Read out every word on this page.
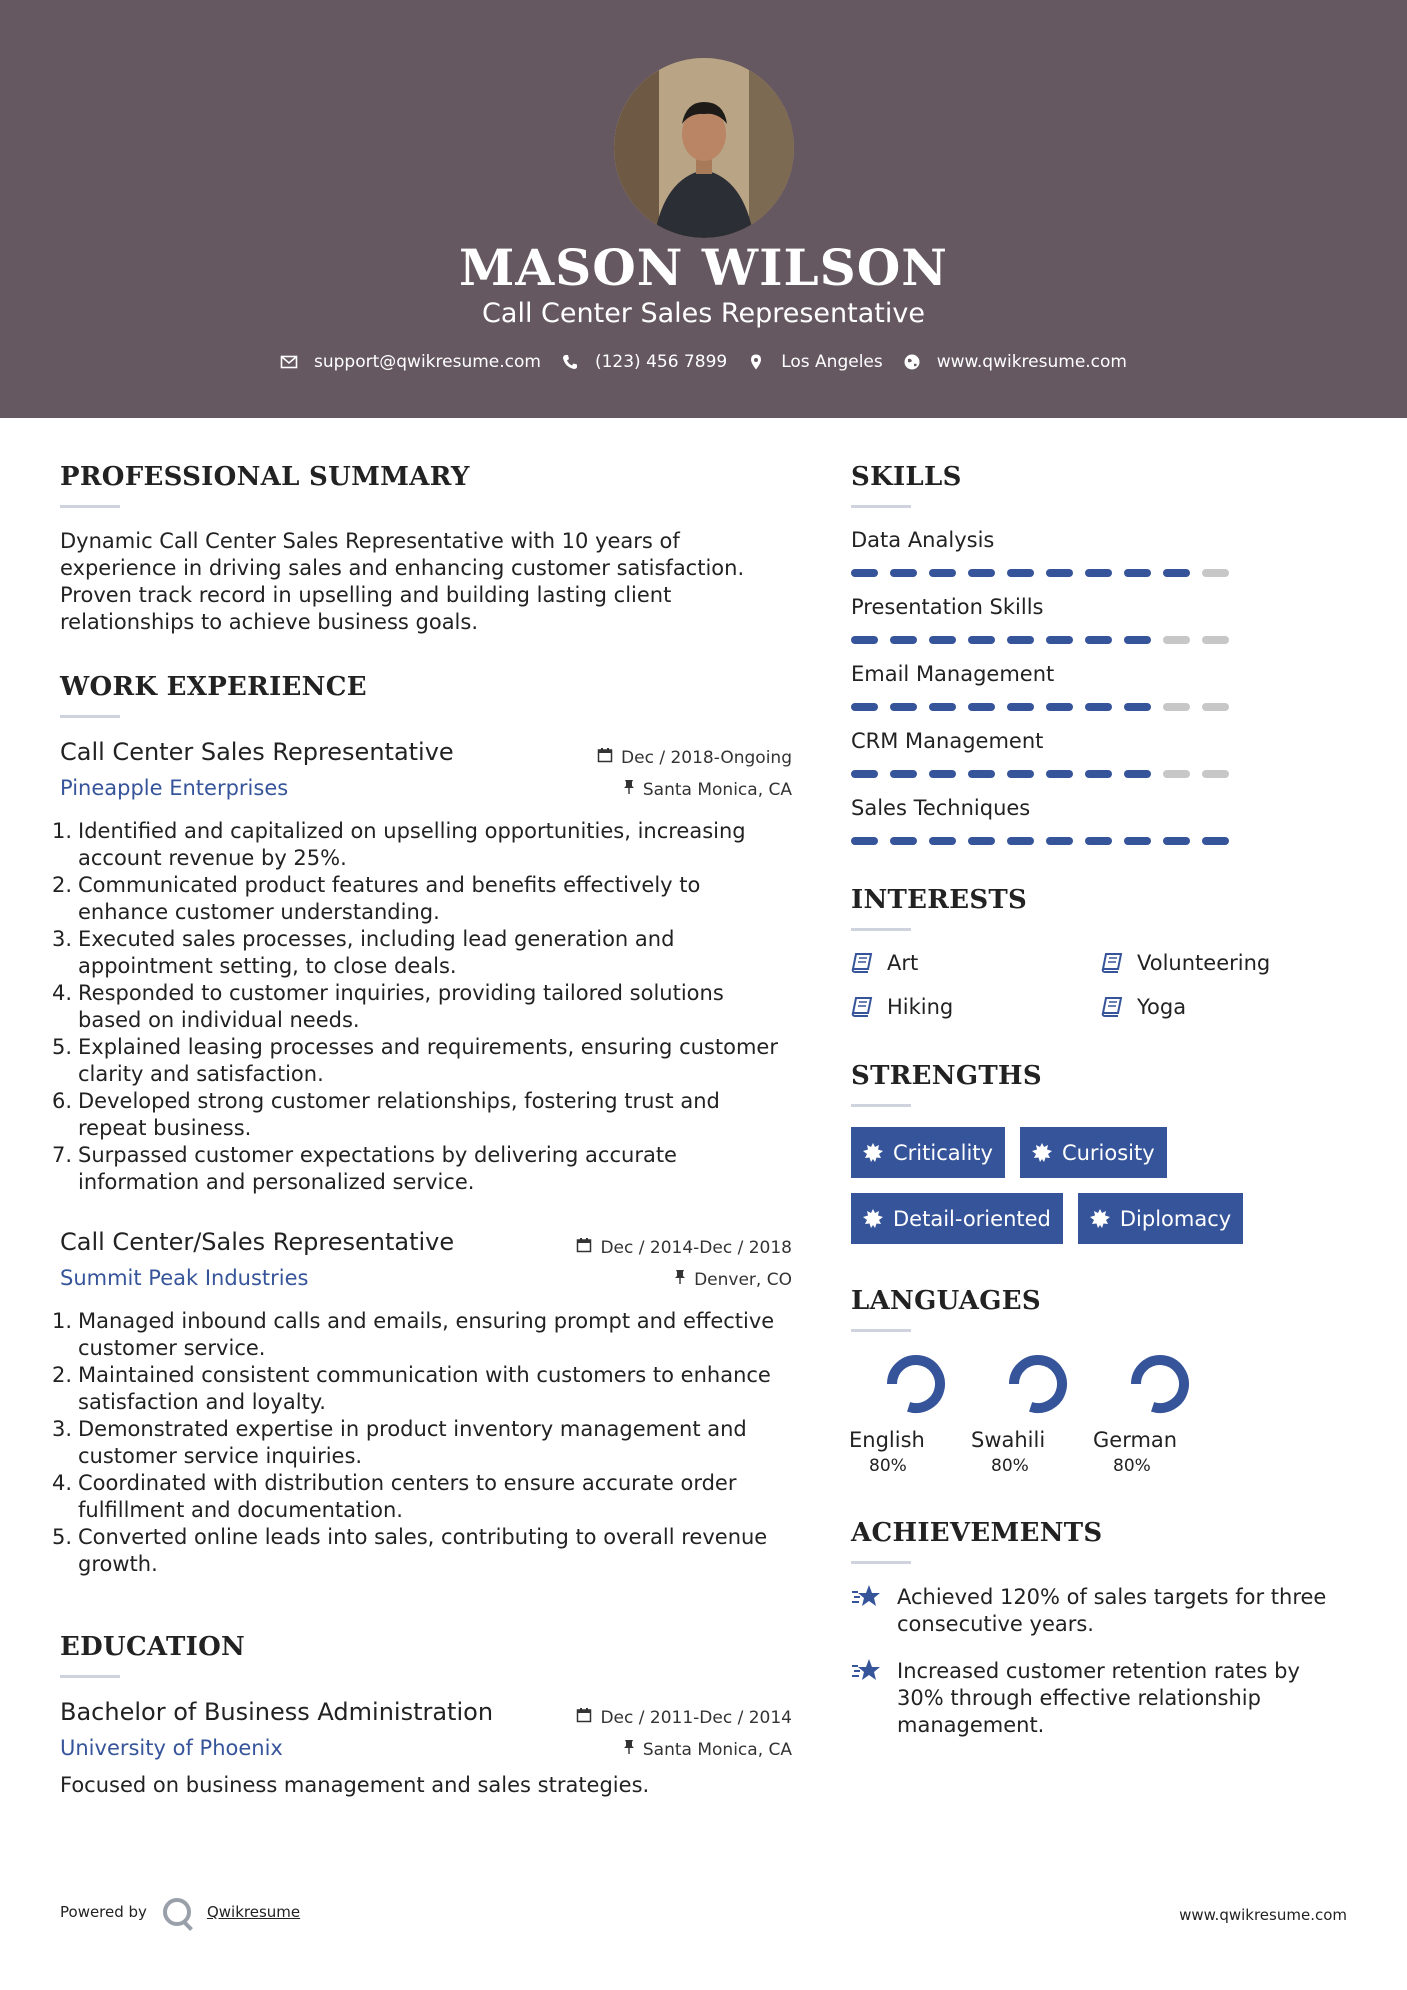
MASON WILSON
Call Center Sales Representative
support@qwikresume.com	(123) 456 7899	Los Angeles	www.qwikresume.com
PROFESSIONAL SUMMARY
Dynamic Call Center Sales Representative with 10 years of experience in driving sales and enhancing customer satisfaction. Proven track record in upselling and building lasting client relationships to achieve business goals.
WORK EXPERIENCE
Call Center Sales Representative
Pineapple Enterprises
Dec / 2018-Ongoing
Santa Monica, CA
1. Identified and capitalized on upselling opportunities, increasing account revenue by 25%.
2. Communicated product features and benefits effectively to enhance customer understanding.
3. Executed sales processes, including lead generation and appointment setting, to close deals.
4. Responded to customer inquiries, providing tailored solutions based on individual needs.
5. Explained leasing processes and requirements, ensuring customer clarity and satisfaction.
6. Developed strong customer relationships, fostering trust and repeat business.
7. Surpassed customer expectations by delivering accurate information and personalized service.
Call Center/Sales Representative
Summit Peak Industries
Dec / 2014-Dec / 2018
Denver, CO
1. Managed inbound calls and emails, ensuring prompt and effective customer service.
2. Maintained consistent communication with customers to enhance satisfaction and loyalty.
3. Demonstrated expertise in product inventory management and customer service inquiries.
4. Coordinated with distribution centers to ensure accurate order fulfillment and documentation.
5. Converted online leads into sales, contributing to overall revenue growth.
EDUCATION
Bachelor of Business Administration
University of Phoenix
Dec / 2011-Dec / 2014
Santa Monica, CA
Focused on business management and sales strategies.
SKILLS
Data Analysis
Presentation Skills
Email Management
CRM Management
Sales Techniques
INTERESTS
Art	Volunteering
Hiking	Yoga
STRENGTHS
Criticality	Curiosity
Detail-oriented	Diplomacy
LANGUAGES
English
80%
Swahili
80%
German
80%
ACHIEVEMENTS
Achieved 120% of sales targets for three consecutive years.
Increased customer retention rates by 30% through effective relationship management.
Powered by	Qwikresume	www.qwikresume.com
